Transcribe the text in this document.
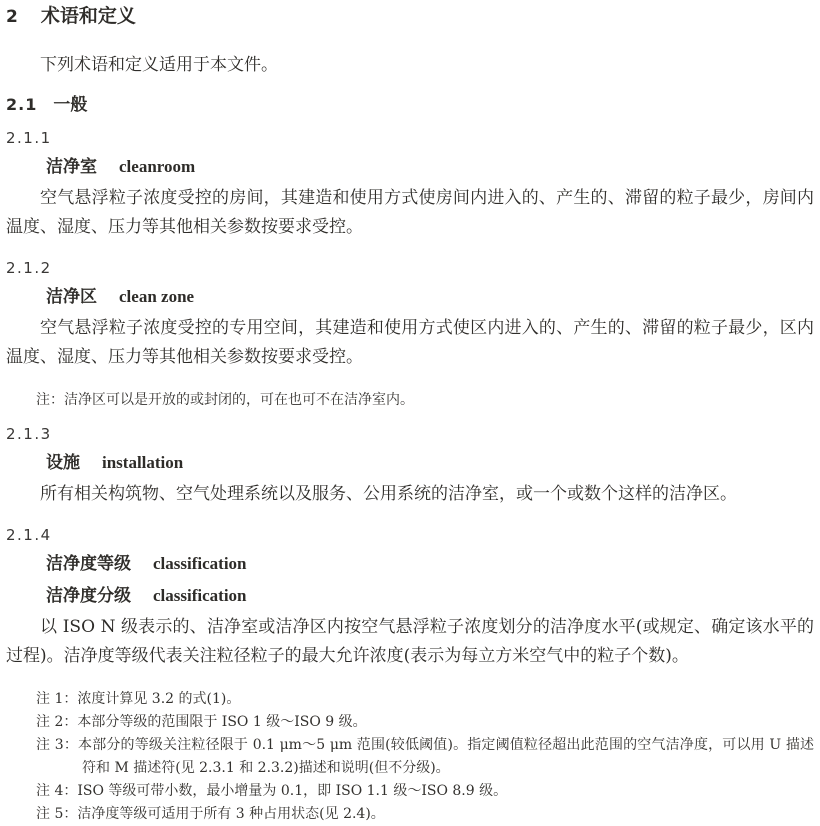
2 术语和定义

下列术语和定义适用于本文件。

2.1 一般
2.1.1
洁净室 cleanroom

空气悬浮粒子浓度受控的房间，其建造和使用方式使房间内进入的、产生的、滞留的粒子最少，房间内温度、湿度、压力等其他相关参数按要求受控。

2.1.2
洁净区 clean zone

空气悬浮粒子浓度受控的专用空间，其建造和使用方式使区内进入的、产生的、滞留的粒子最少，区内温度、湿度、压力等其他相关参数按要求受控。

注：洁净区可以是开放的或封闭的，可在也可不在洁净室内。
2.1.3
设施 installation

所有相关构筑物、空气处理系统以及服务、公用系统的洁净室，或一个或数个这样的洁净区。

2.1.4
洁净度等级 classification
洁净度分级 classification

以 ISO N 级表示的、洁净室或洁净区内按空气悬浮粒子浓度划分的洁净度水平(或规定、确定该水平的过程)。洁净度等级代表关注粒径粒子的最大允许浓度(表示为每立方米空气中的粒子个数)。

注 1：浓度计算见 3.2 的式(1)。
注 2：本部分等级的范围限于 ISO 1 级～ISO 9 级。
注 3：本部分的等级关注粒径限于 0.1 μm～5 μm 范围(较低阈值)。指定阈值粒径超出此范围的空气洁净度，可以用 U 描述符和 M 描述符(见 2.3.1 和 2.3.2)描述和说明(但不分级)。
注 4：ISO 等级可带小数，最小增量为 0.1，即 ISO 1.1 级～ISO 8.9 级。
注 5：洁净度等级可适用于所有 3 种占用状态(见 2.4)。
